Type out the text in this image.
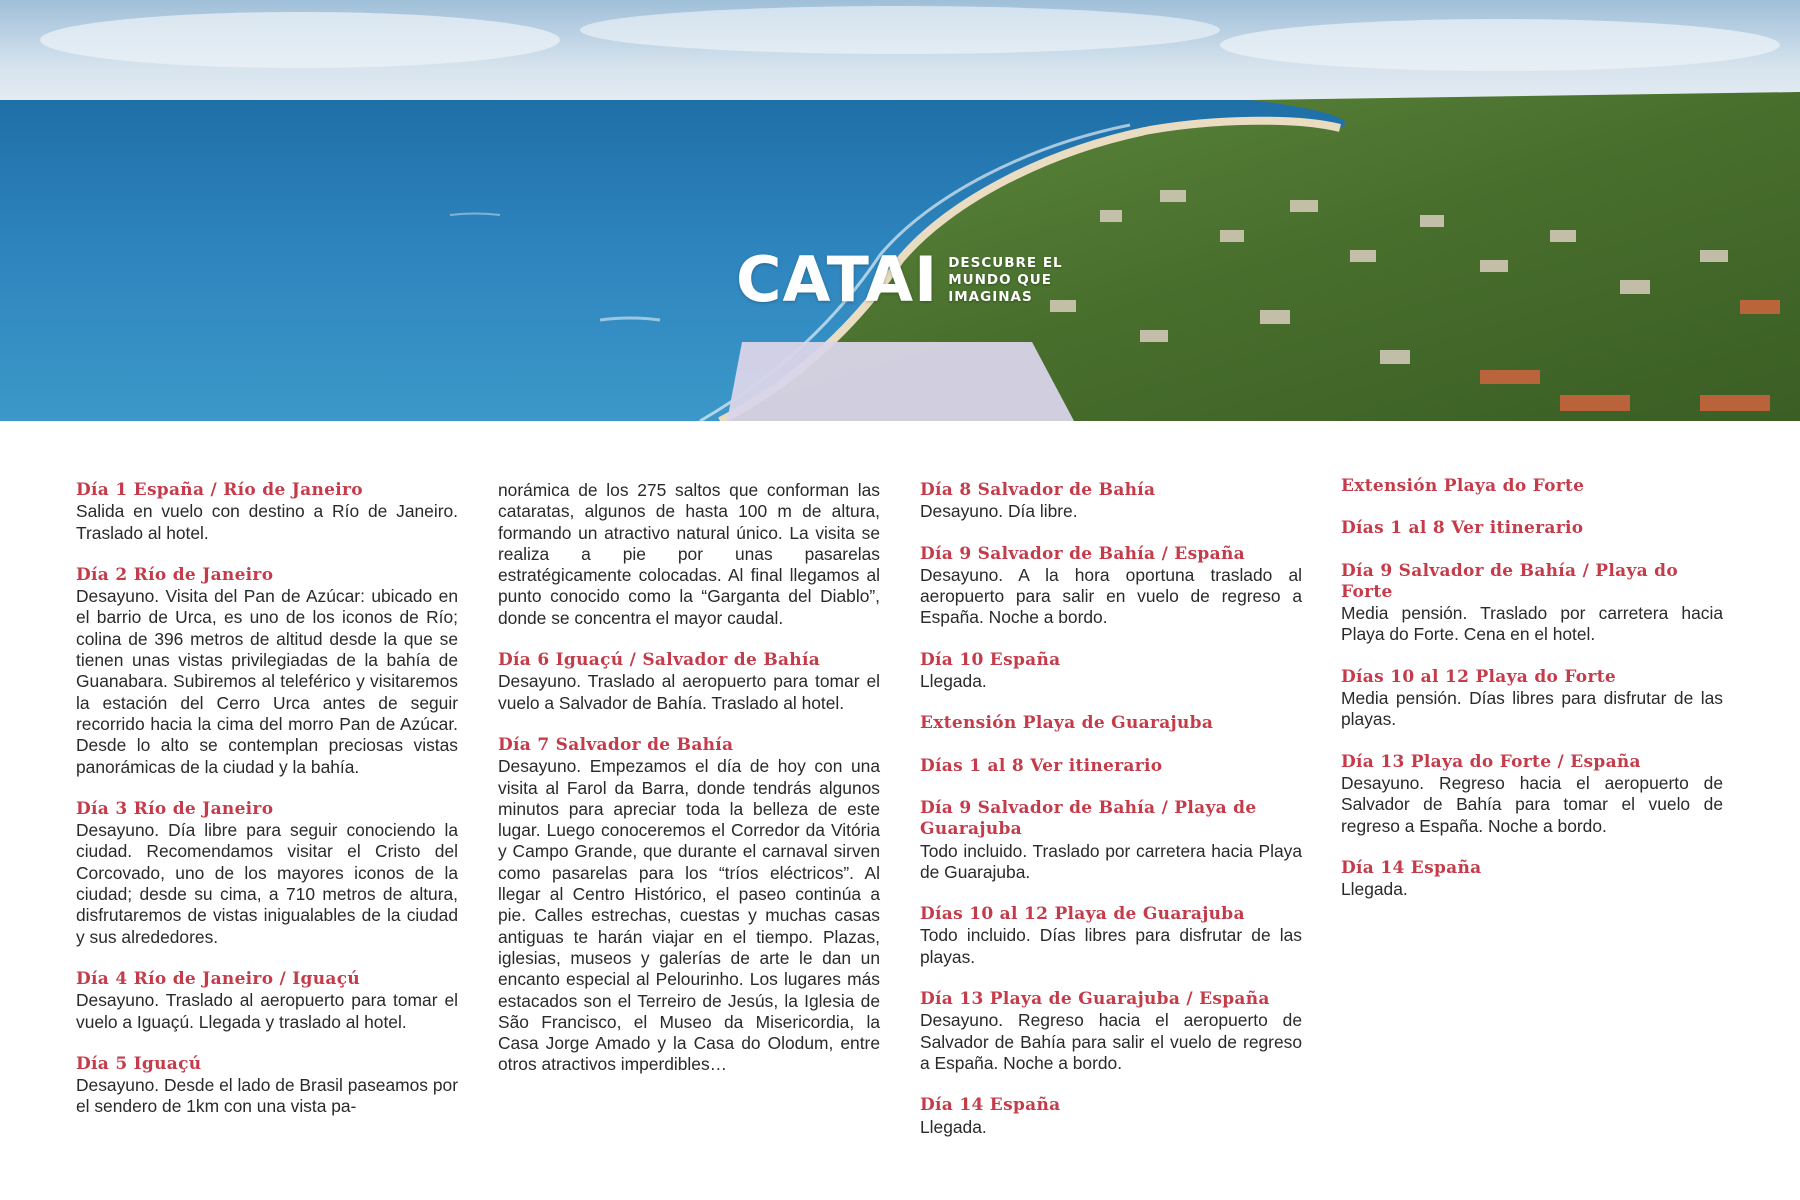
CATAI DESCUBRE EL
MUNDO QUE
IMAGINAS
Día 1 España / Río de Janeiro
Salida en vuelo con destino a Río de Janeiro. Traslado al hotel.
Día 2 Río de Janeiro
Desayuno. Visita del Pan de Azúcar: ubicado en el barrio de Urca, es uno de los iconos de Río; colina de 396 metros de altitud desde la que se tienen unas vistas privilegiadas de la bahía de Guanabara. Subiremos al teleférico y visitaremos la estación del Cerro Urca antes de seguir recorrido hacia la cima del morro Pan de Azúcar. Desde lo alto se contemplan preciosas vistas panorámicas de la ciudad y la bahía.
Día 3 Río de Janeiro
Desayuno. Día libre para seguir conociendo la ciudad. Recomendamos visitar el Cristo del Corcovado, uno de los mayores iconos de la ciudad; desde su cima, a 710 metros de altura, disfrutaremos de vistas inigualables de la ciudad y sus alrededores.
Día 4 Río de Janeiro / Iguaçú
Desayuno. Traslado al aeropuerto para tomar el vuelo a Iguaçú. Llegada y traslado al hotel.
Día 5 Iguaçú
Desayuno. Desde el lado de Brasil paseamos por el sendero de 1km con una vista pa-
norámica de los 275 saltos que conforman las cataratas, algunos de hasta 100 m de altura, formando un atractivo natural único. La visita se realiza a pie por unas pasarelas estratégicamente colocadas. Al final llegamos al punto conocido como la “Garganta del Diablo”, donde se concentra el mayor caudal.
Día 6 Iguaçú / Salvador de Bahía
Desayuno. Traslado al aeropuerto para tomar el vuelo a Salvador de Bahía. Traslado al hotel.
Día 7 Salvador de Bahía
Desayuno. Empezamos el día de hoy con una visita al Farol da Barra, donde tendrás algunos minutos para apreciar toda la belleza de este lugar. Luego conoceremos el Corredor da Vitória y Campo Grande, que durante el carnaval sirven como pasarelas para los “tríos eléctricos”. Al llegar al Centro Histórico, el paseo continúa a pie. Calles estrechas, cuestas y muchas casas antiguas te harán viajar en el tiempo. Plazas, iglesias, museos y galerías de arte le dan un encanto especial al Pelourinho. Los lugares más estacados son el Terreiro de Jesús, la Iglesia de São Francisco, el Museo da Misericordia, la Casa Jorge Amado y la Casa do Olodum, entre otros atractivos imperdibles…
Día 8 Salvador de Bahía
Desayuno. Día libre.
Día 9 Salvador de Bahía / España
Desayuno. A la hora oportuna traslado al aeropuerto para salir en vuelo de regreso a España. Noche a bordo.
Día 10 España
Llegada.
Extensión Playa de Guarajuba
Días 1 al 8 Ver itinerario
Día 9 Salvador de Bahía / Playa de Guarajuba
Todo incluido. Traslado por carretera hacia Playa de Guarajuba.
Días 10 al 12 Playa de Guarajuba
Todo incluido. Días libres para disfrutar de las playas.
Día 13 Playa de Guarajuba / España
Desayuno. Regreso hacia el aeropuerto de Salvador de Bahía para salir el vuelo de regreso a España. Noche a bordo.
Día 14 España
Llegada.
Extensión Playa do Forte
Días 1 al 8 Ver itinerario
Día 9 Salvador de Bahía / Playa do Forte
Media pensión. Traslado por carretera hacia Playa do Forte. Cena en el hotel.
Días 10 al 12 Playa do Forte
Media pensión. Días libres para disfrutar de las playas.
Día 13 Playa do Forte / España
Desayuno. Regreso hacia el aeropuerto de Salvador de Bahía para tomar el vuelo de regreso a España. Noche a bordo.
Día 14 España
Llegada.
